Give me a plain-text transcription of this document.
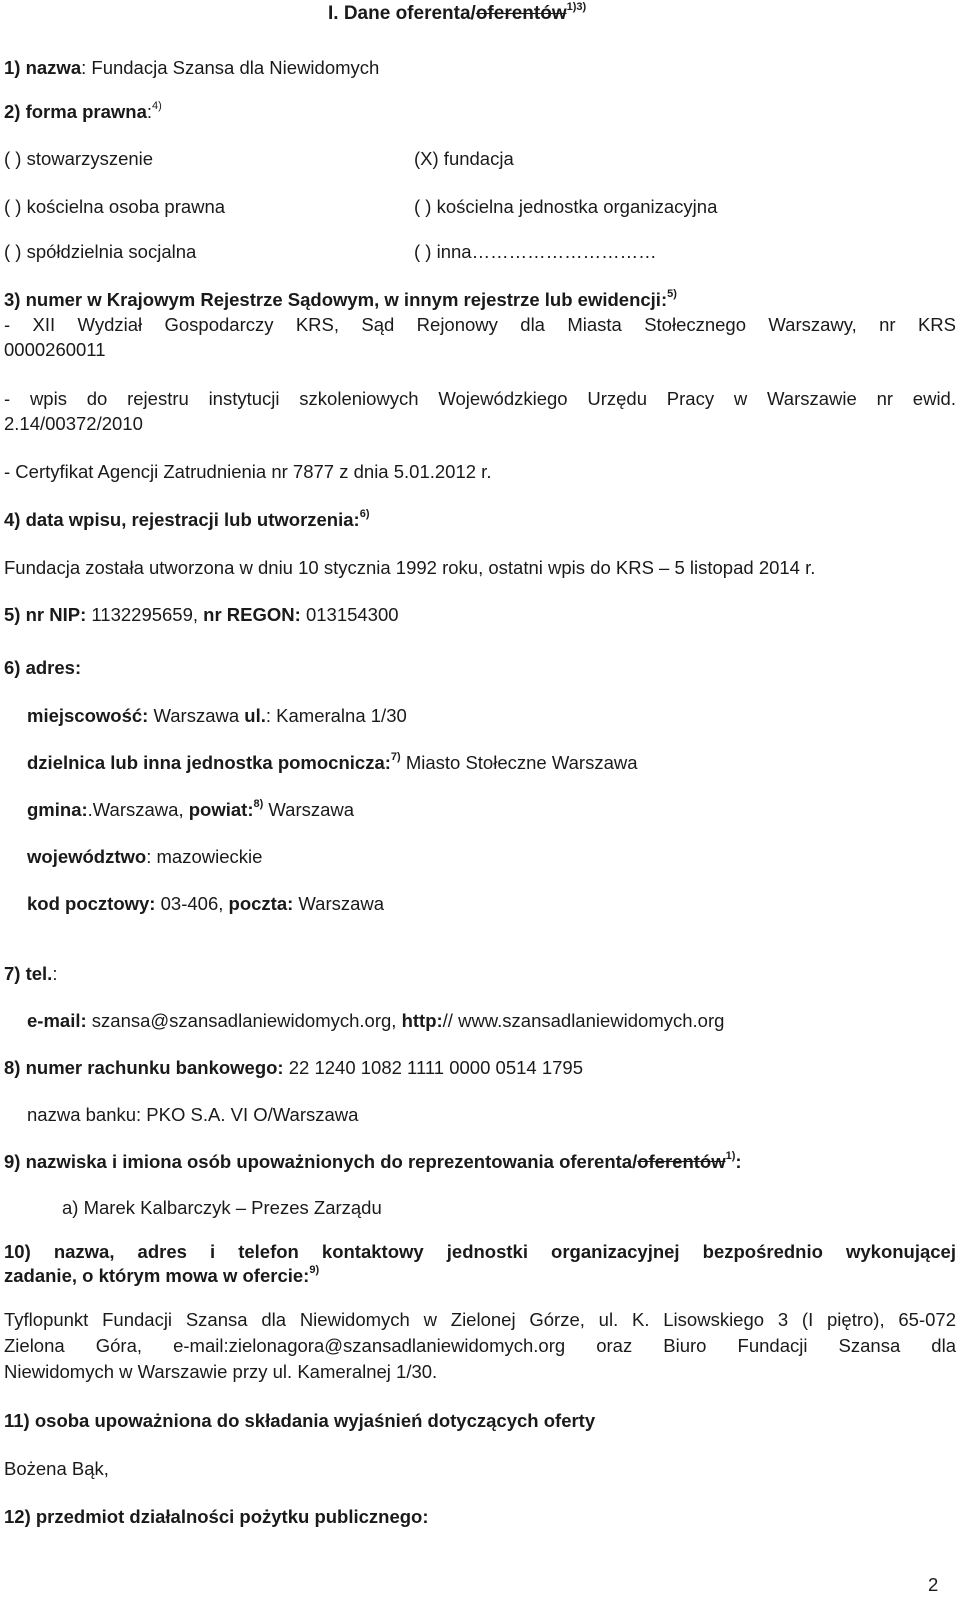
I. Dane oferenta/oferentów$^{1)3)}$
1) nazwa: Fundacja Szansa dla Niewidomych
2) forma prawna:$^{4)}$
( ) stowarzyszenie	(X) fundacja
( ) kościelna osoba prawna	( ) kościelna jednostka organizacyjna
( ) spółdzielnia socjalna	( ) inna…………………………
3) numer w Krajowym Rejestrze Sądowym, w innym rejestrze lub ewidencji:$^{5)}$
- XII Wydział Gospodarczy KRS, Sąd Rejonowy dla Miasta Stołecznego Warszawy, nr KRS
0000260011
- wpis do rejestru instytucji szkoleniowych Wojewódzkiego Urzędu Pracy w Warszawie nr ewid.
2.14/00372/2010
- Certyfikat Agencji Zatrudnienia nr 7877 z dnia 5.01.2012 r.
4) data wpisu, rejestracji lub utworzenia:$^{6)}$
Fundacja została utworzona w dniu 10 stycznia 1992 roku, ostatni wpis do KRS – 5 listopad 2014 r.
5) nr NIP: 1132295659, nr REGON: 013154300
6) adres:
miejscowość: Warszawa ul.: Kameralna 1/30
dzielnica lub inna jednostka pomocnicza:$^{7)}$ Miasto Stołeczne Warszawa
gmina:.Warszawa, powiat:$^{8)}$ Warszawa
województwo: mazowieckie
kod pocztowy: 03-406, poczta: Warszawa
7) tel.:
e-mail: szansa@szansadlaniewidomych.org, http:// www.szansadlaniewidomych.org
8) numer rachunku bankowego: 22 1240 1082 1111 0000 0514 1795
nazwa banku: PKO S.A. VI O/Warszawa
9) nazwiska i imiona osób upoważnionych do reprezentowania oferenta/oferentów$^{1)}$:
a) Marek Kalbarczyk – Prezes Zarządu
10) nazwa, adres i telefon kontaktowy jednostki organizacyjnej bezpośrednio wykonującej
zadanie, o którym mowa w ofercie:$^{9)}$
Tyflopunkt Fundacji Szansa dla Niewidomych w Zielonej Górze, ul. K. Lisowskiego 3 (I piętro), 65-072
Zielona Góra, e-mail:zielonagora@szansadlaniewidomych.org oraz Biuro Fundacji Szansa dla
Niewidomych w Warszawie przy ul. Kameralnej 1/30.
11) osoba upoważniona do składania wyjaśnień dotyczących oferty
Bożena Bąk,
12) przedmiot działalności pożytku publicznego:
2
